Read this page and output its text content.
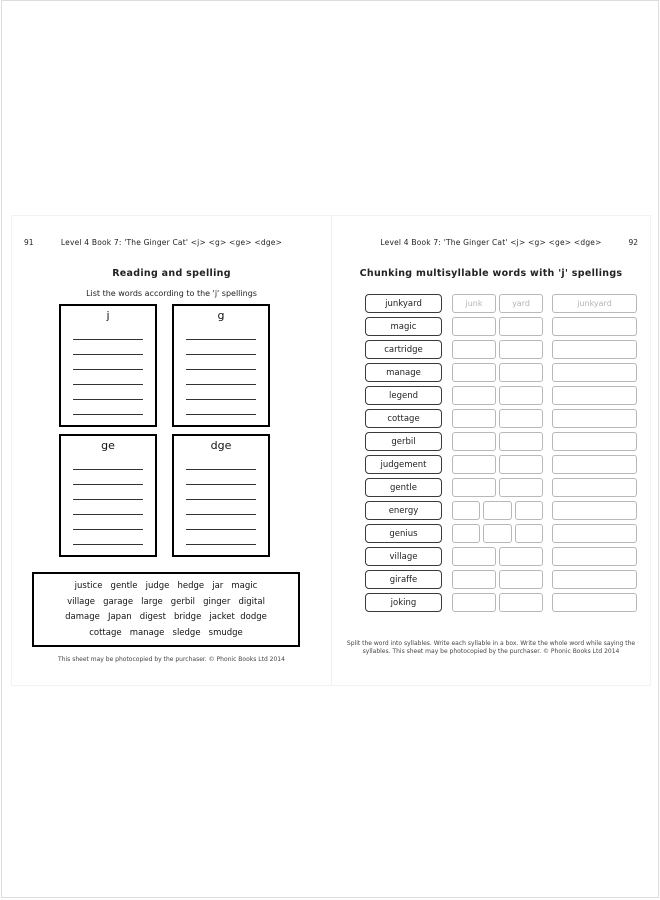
91	Level 4 Book 7: 'The Ginger Cat' <j> <g> <ge> <dge>
Reading and spelling
List the words according to the 'j' spellings
j	g
ge	dge
justice   gentle   judge   hedge   jar   magic
village   garage   large   gerbil   ginger   digital
damage   Japan   digest   bridge   jacket  dodge
cottage   manage   sledge   smudge
This sheet may be photocopied by the purchaser. © Phonic Books Ltd 2014
Level 4 Book 7: 'The Ginger Cat' <j> <g> <ge> <dge>	92
Chunking multisyllable words with 'j' spellings
junkyard	junk	yard	junkyard
magic
cartridge
manage
legend
cottage
gerbil
judgement
gentle
energy
genius
village
giraffe
joking
Split the word into syllables. Write each syllable in a box. Write the whole word while saying the
syllables. This sheet may be photocopied by the purchaser. © Phonic Books Ltd 2014
